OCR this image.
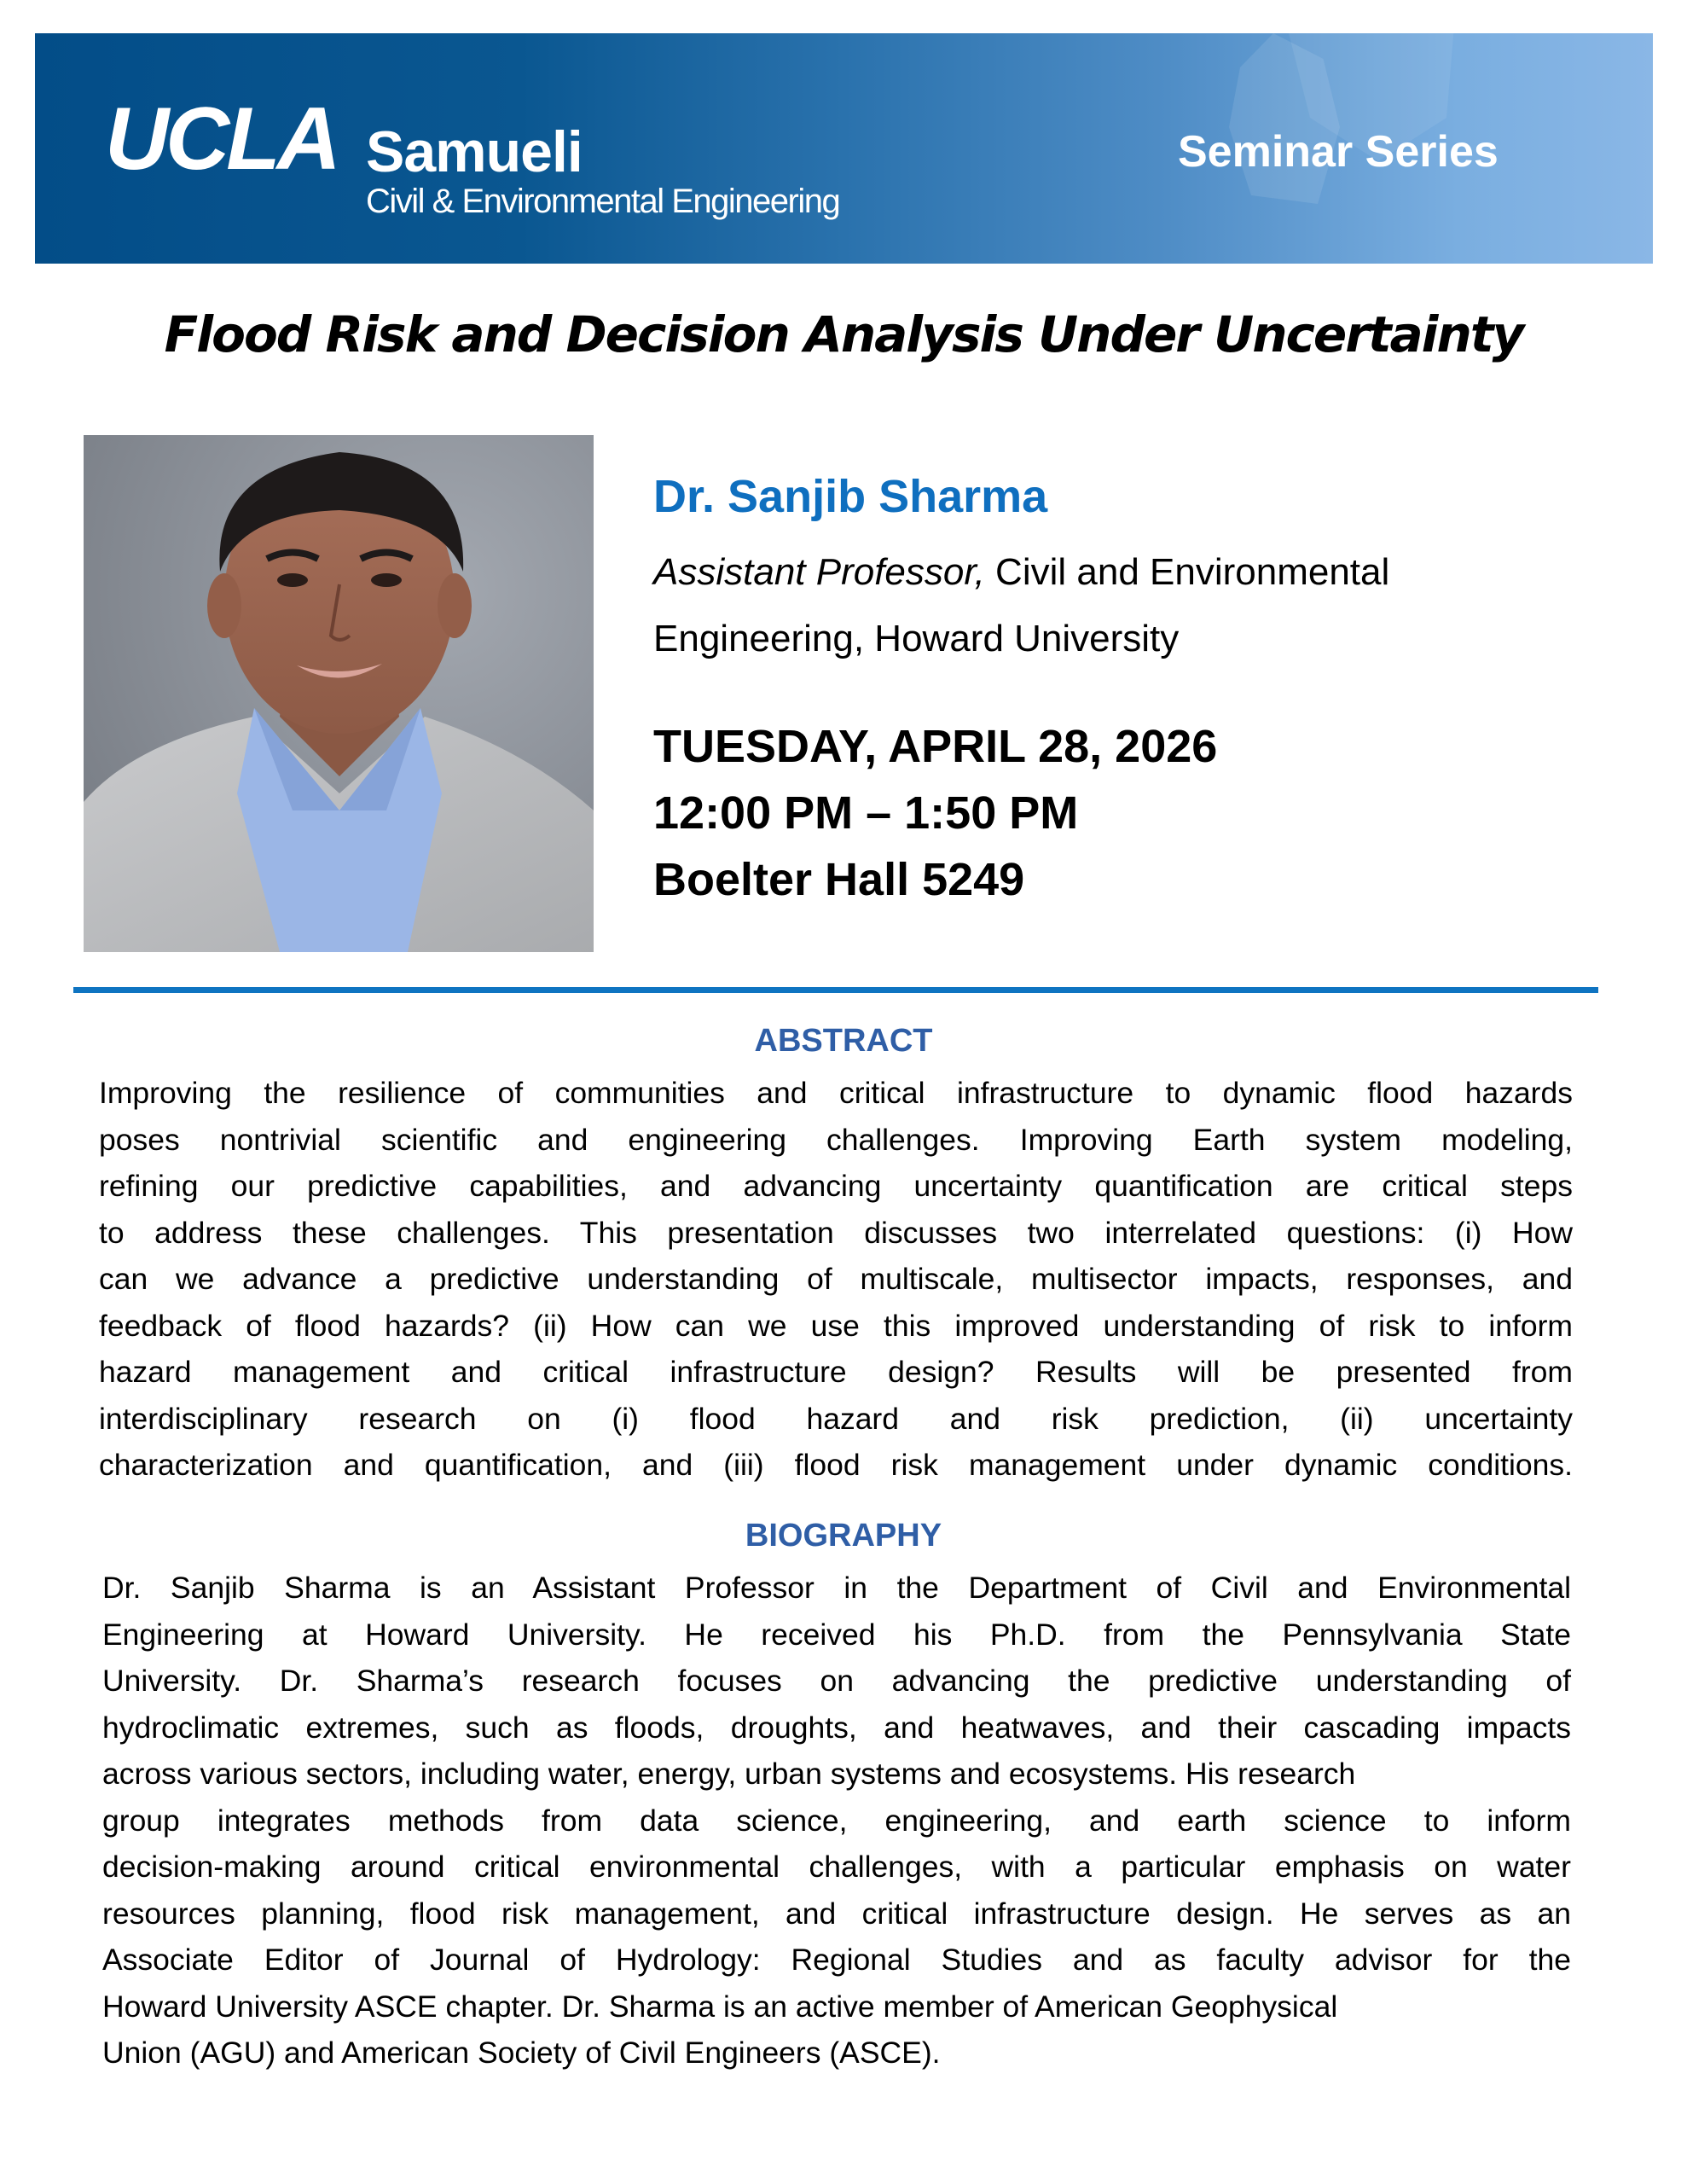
UCLA Samueli
Civil & Environmental Engineering
Seminar Series
Flood Risk and Decision Analysis Under Uncertainty
Dr. Sanjib Sharma
Assistant Professor, Civil and Environmental
Engineering, Howard University
TUESDAY, APRIL 28, 2026
12:00 PM – 1:50 PM
Boelter Hall 5249
ABSTRACT
Improving the resilience of communities and critical infrastructure to dynamic flood hazards
poses nontrivial scientific and engineering challenges. Improving Earth system modeling,
refining our predictive capabilities, and advancing uncertainty quantification are critical steps
to address these challenges. This presentation discusses two interrelated questions: (i) How
can we advance a predictive understanding of multiscale, multisector impacts, responses, and
feedback of flood hazards? (ii) How can we use this improved understanding of risk to inform
hazard management and critical infrastructure design? Results will be presented from
interdisciplinary research on (i) flood hazard and risk prediction, (ii) uncertainty
characterization and quantification, and (iii) flood risk management under dynamic conditions.
BIOGRAPHY
Dr. Sanjib Sharma is an Assistant Professor in the Department of Civil and Environmental
Engineering at Howard University. He received his Ph.D. from the Pennsylvania State
University. Dr. Sharma’s research focuses on advancing the predictive understanding of
hydroclimatic extremes, such as floods, droughts, and heatwaves, and their cascading impacts
across various sectors, including water, energy, urban systems and ecosystems. His research
group integrates methods from data science, engineering, and earth science to inform
decision-making around critical environmental challenges, with a particular emphasis on water
resources planning, flood risk management, and critical infrastructure design. He serves as an
Associate Editor of Journal of Hydrology: Regional Studies and as faculty advisor for the
Howard University ASCE chapter. Dr. Sharma is an active member of American Geophysical
Union (AGU) and American Society of Civil Engineers (ASCE).
